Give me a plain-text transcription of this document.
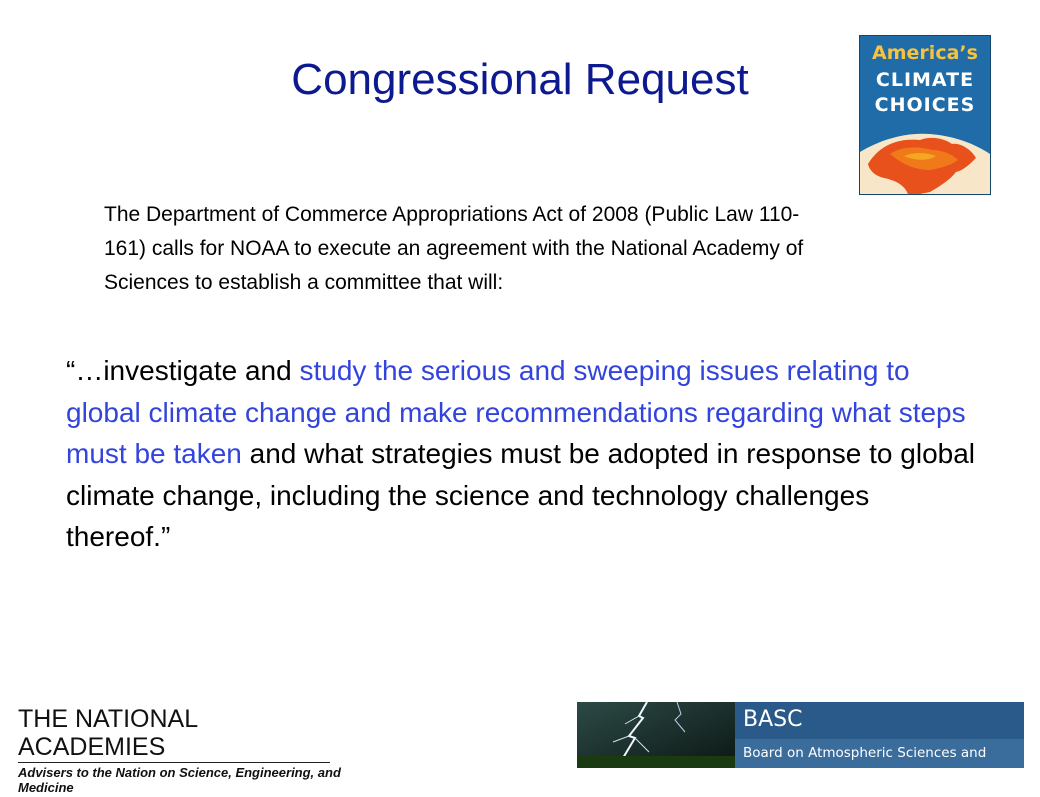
Congressional Request
America’s
CLIMATE
CHOICES
The Department of Commerce Appropriations Act of 2008 (Public Law 110-161) calls for NOAA to execute an agreement with the National Academy of Sciences to establish a committee that will:
“…investigate and study the serious and sweeping issues relating to global climate change and make recommendations regarding what steps must be taken and what strategies must be adopted in response to global climate change, including the science and technology challenges thereof.”
THE NATIONAL ACADEMIES
Advisers to the Nation on Science, Engineering, and Medicine
BASC
Board on Atmospheric Sciences and Climate
